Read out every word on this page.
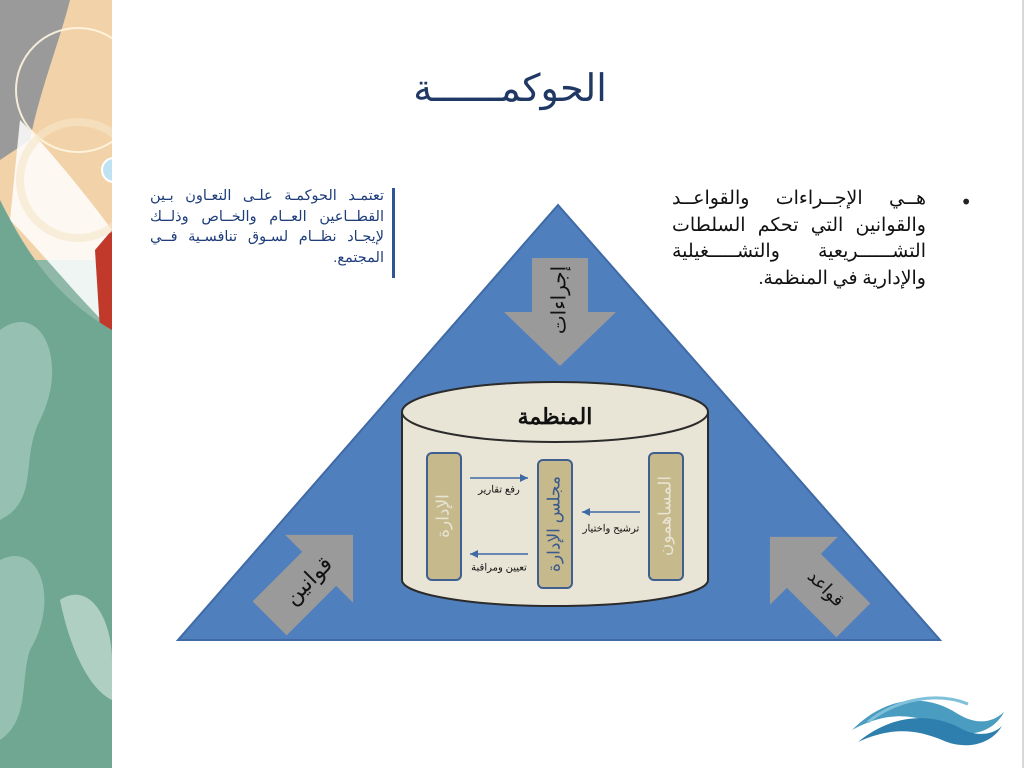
الحوكمــــــة
•
هــي الإجــراءات والقواعــد والقوانين التي تحكم السلطات التشــــــريعية والتشـــــغيلية والإدارية في المنظمة.
تعتمـد الحوكمـة علـى التعـاون بـين القطــاعين العــام والخــاص وذلــك لإيجـاد نظــام لسـوق تنافسـية فــي المجتمع.
إجراءات
قوانين	قواعد
المنظمة
الإدارة	مجلس الإدارة	المساهمون
رفع تقارير
تعيين ومراقبة
ترشيح واختيار
